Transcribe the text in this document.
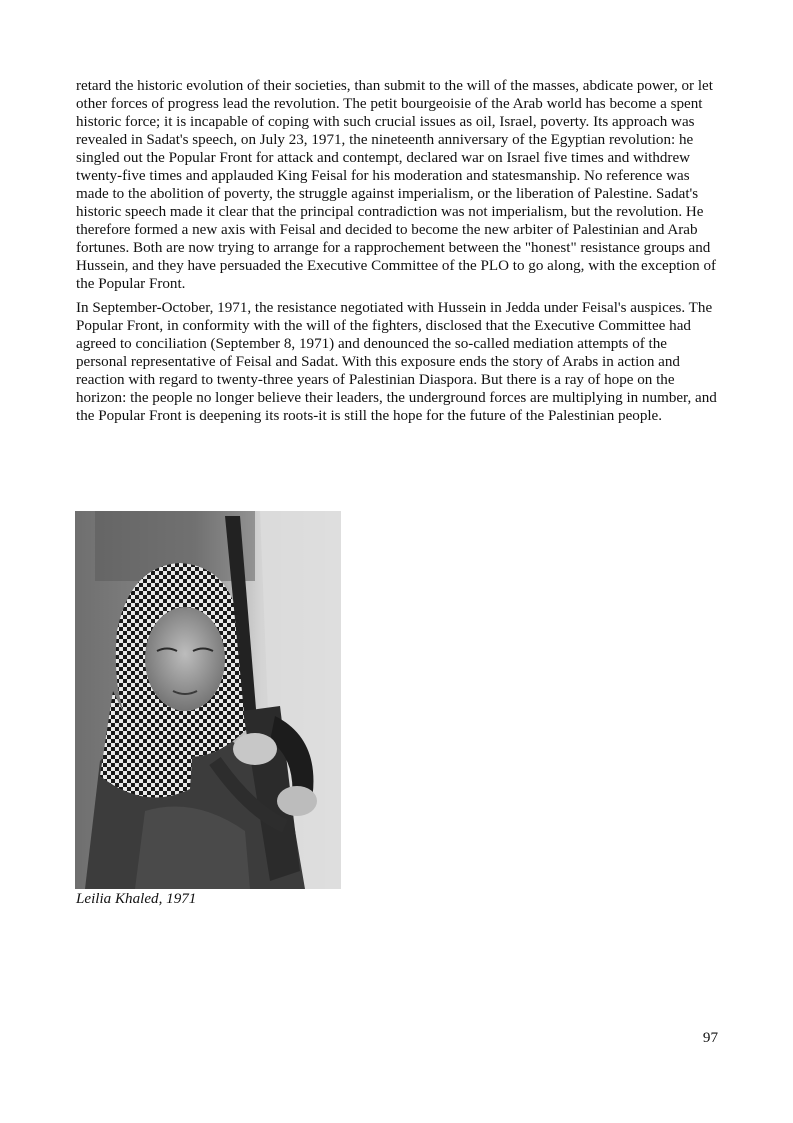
retard the historic evolution of their societies, than submit to the will of the masses, abdicate power, or let other forces of progress lead the revolution. The petit bourgeoisie of the Arab world has become a spent historic force; it is incapable of coping with such crucial issues as oil, Israel, poverty. Its approach was revealed in Sadat's speech, on July 23, 1971, the nineteenth anniversary of the Egyptian revolution: he singled out the Popular Front for attack and contempt, declared war on Israel five times and withdrew twenty-five times and applauded King Feisal for his moderation and statesmanship. No reference was made to the abolition of poverty, the struggle against imperialism, or the liberation of Palestine. Sadat's historic speech made it clear that the principal contradiction was not imperialism, but the revolution. He therefore formed a new axis with Feisal and decided to become the new arbiter of Palestinian and Arab fortunes. Both are now trying to arrange for a rapprochement between the "honest" resistance groups and Hussein, and they have persuaded the Executive Committee of the PLO to go along, with the exception of the Popular Front.

In September-October, 1971, the resistance negotiated with Hussein in Jedda under Feisal's auspices. The Popular Front, in conformity with the will of the fighters, disclosed that the Executive Committee had agreed to conciliation (September 8, 1971) and denounced the so-called mediation attempts of the personal representative of Feisal and Sadat. With this exposure ends the story of Arabs in action and reaction with regard to twenty-three years of Palestinian Diaspora. But there is a ray of hope on the horizon: the people no longer believe their leaders, the underground forces are multiplying in number, and the Popular Front is deepening its roots-it is still the hope for the future of the Palestinian people.

Leilia Khaled, 1971
97
